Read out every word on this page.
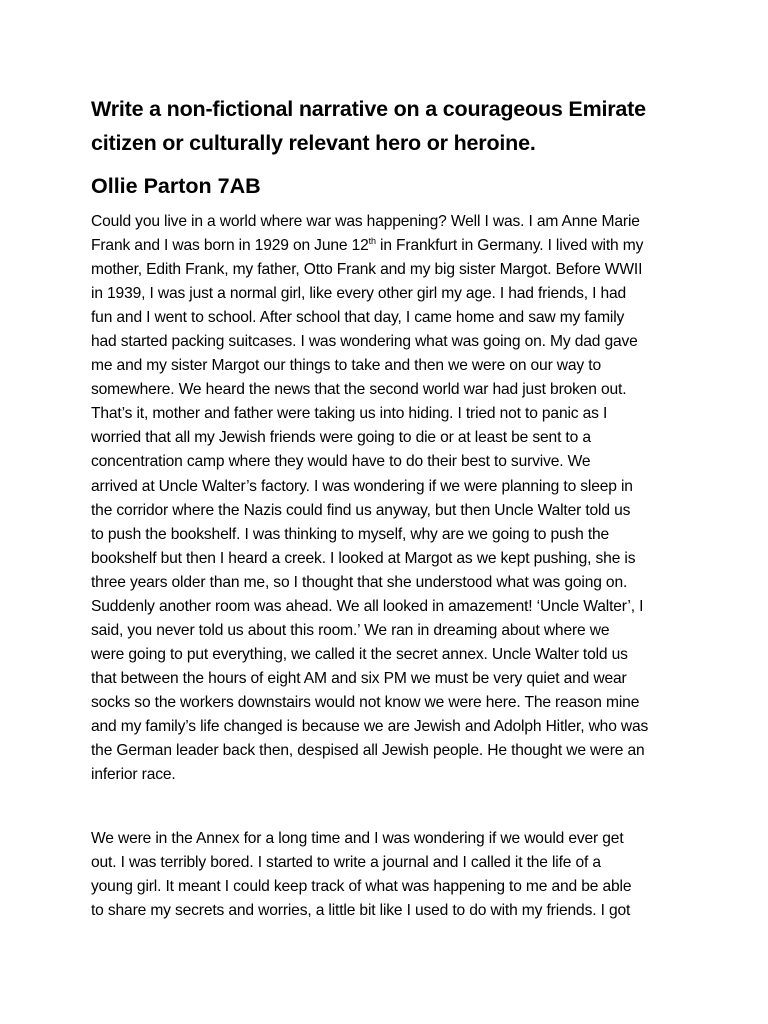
Write a non-fictional narrative on a courageous Emirate
citizen or culturally relevant hero or heroine.
Ollie Parton 7AB
Could you live in a world where war was happening? Well I was. I am Anne Marie
Frank and I was born in 1929 on June 12th in Frankfurt in Germany. I lived with my
mother, Edith Frank, my father, Otto Frank and my big sister Margot. Before WWII
in 1939, I was just a normal girl, like every other girl my age. I had friends, I had
fun and I went to school. After school that day, I came home and saw my family
had started packing suitcases. I was wondering what was going on. My dad gave
me and my sister Margot our things to take and then we were on our way to
somewhere. We heard the news that the second world war had just broken out.
That’s it, mother and father were taking us into hiding. I tried not to panic as I
worried that all my Jewish friends were going to die or at least be sent to a
concentration camp where they would have to do their best to survive. We
arrived at Uncle Walter’s factory. I was wondering if we were planning to sleep in
the corridor where the Nazis could find us anyway, but then Uncle Walter told us
to push the bookshelf. I was thinking to myself, why are we going to push the
bookshelf but then I heard a creek. I looked at Margot as we kept pushing, she is
three years older than me, so I thought that she understood what was going on.
Suddenly another room was ahead. We all looked in amazement! ‘Uncle Walter’, I
said, you never told us about this room.’ We ran in dreaming about where we
were going to put everything, we called it the secret annex. Uncle Walter told us
that between the hours of eight AM and six PM we must be very quiet and wear
socks so the workers downstairs would not know we were here. The reason mine
and my family’s life changed is because we are Jewish and Adolph Hitler, who was
the German leader back then, despised all Jewish people. He thought we were an
inferior race.
We were in the Annex for a long time and I was wondering if we would ever get
out. I was terribly bored. I started to write a journal and I called it the life of a
young girl. It meant I could keep track of what was happening to me and be able
to share my secrets and worries, a little bit like I used to do with my friends. I got
